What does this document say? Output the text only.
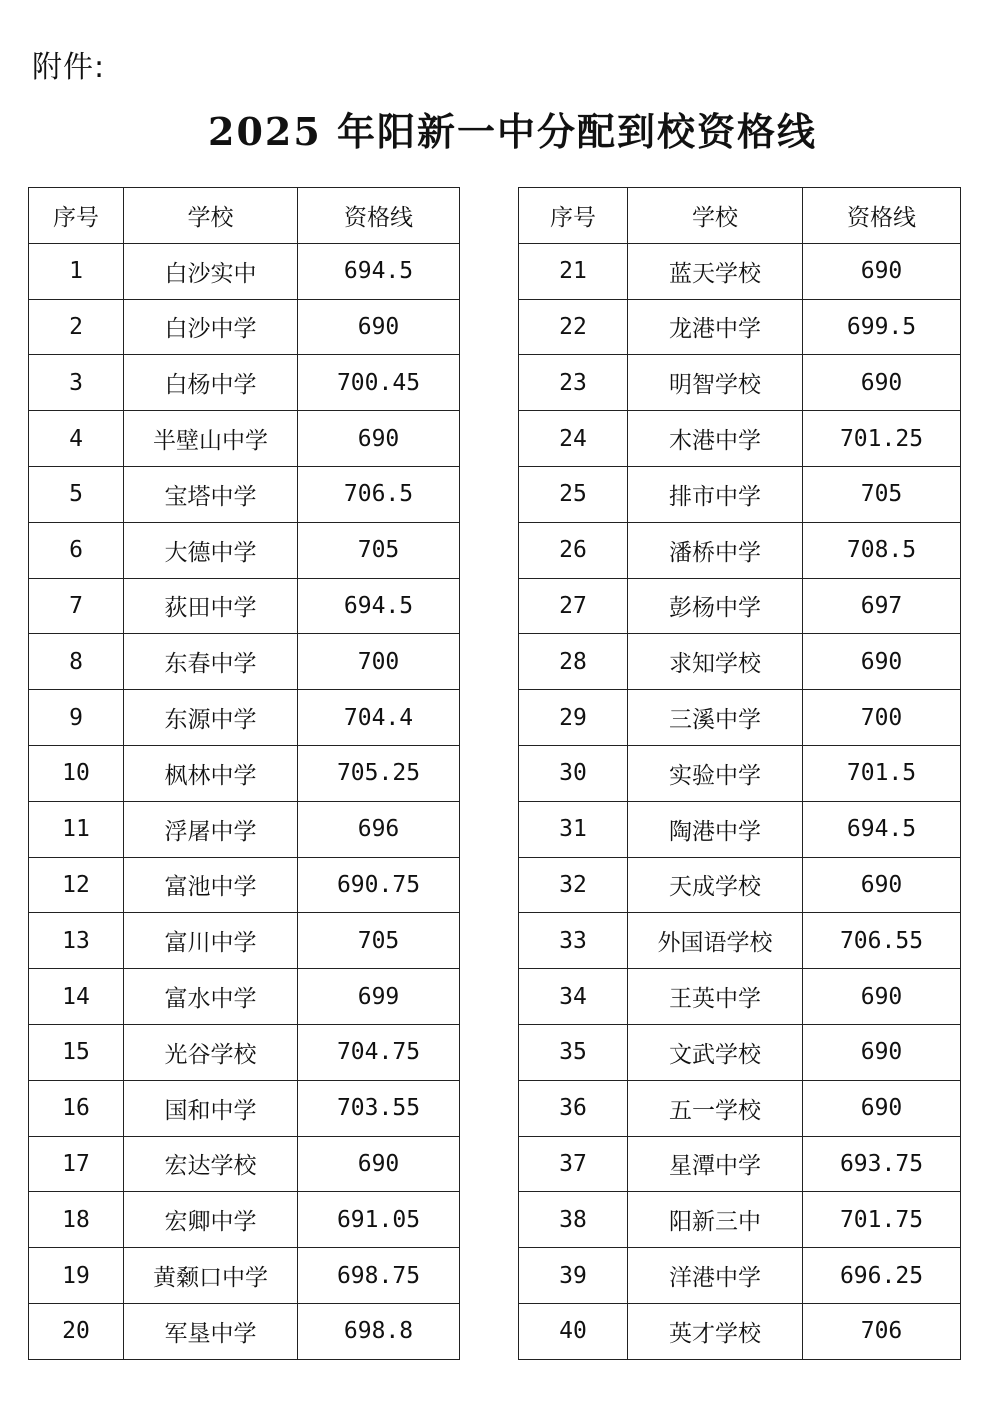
附件:
2025 年阳新一中分配到校资格线
序号	学校	资格线
1	白沙实中	694.5
2	白沙中学	690
3	白杨中学	700.45
4	半壁山中学	690
5	宝塔中学	706.5
6	大德中学	705
7	荻田中学	694.5
8	东春中学	700
9	东源中学	704.4
10	枫林中学	705.25
11	浮屠中学	696
12	富池中学	690.75
13	富川中学	705
14	富水中学	699
15	光谷学校	704.75
16	国和中学	703.55
17	宏达学校	690
18	宏卿中学	691.05
19	黄颡口中学	698.75
20	军垦中学	698.8
序号	学校	资格线
21	蓝天学校	690
22	龙港中学	699.5
23	明智学校	690
24	木港中学	701.25
25	排市中学	705
26	潘桥中学	708.5
27	彭杨中学	697
28	求知学校	690
29	三溪中学	700
30	实验中学	701.5
31	陶港中学	694.5
32	天成学校	690
33	外国语学校	706.55
34	王英中学	690
35	文武学校	690
36	五一学校	690
37	星潭中学	693.75
38	阳新三中	701.75
39	洋港中学	696.25
40	英才学校	706
